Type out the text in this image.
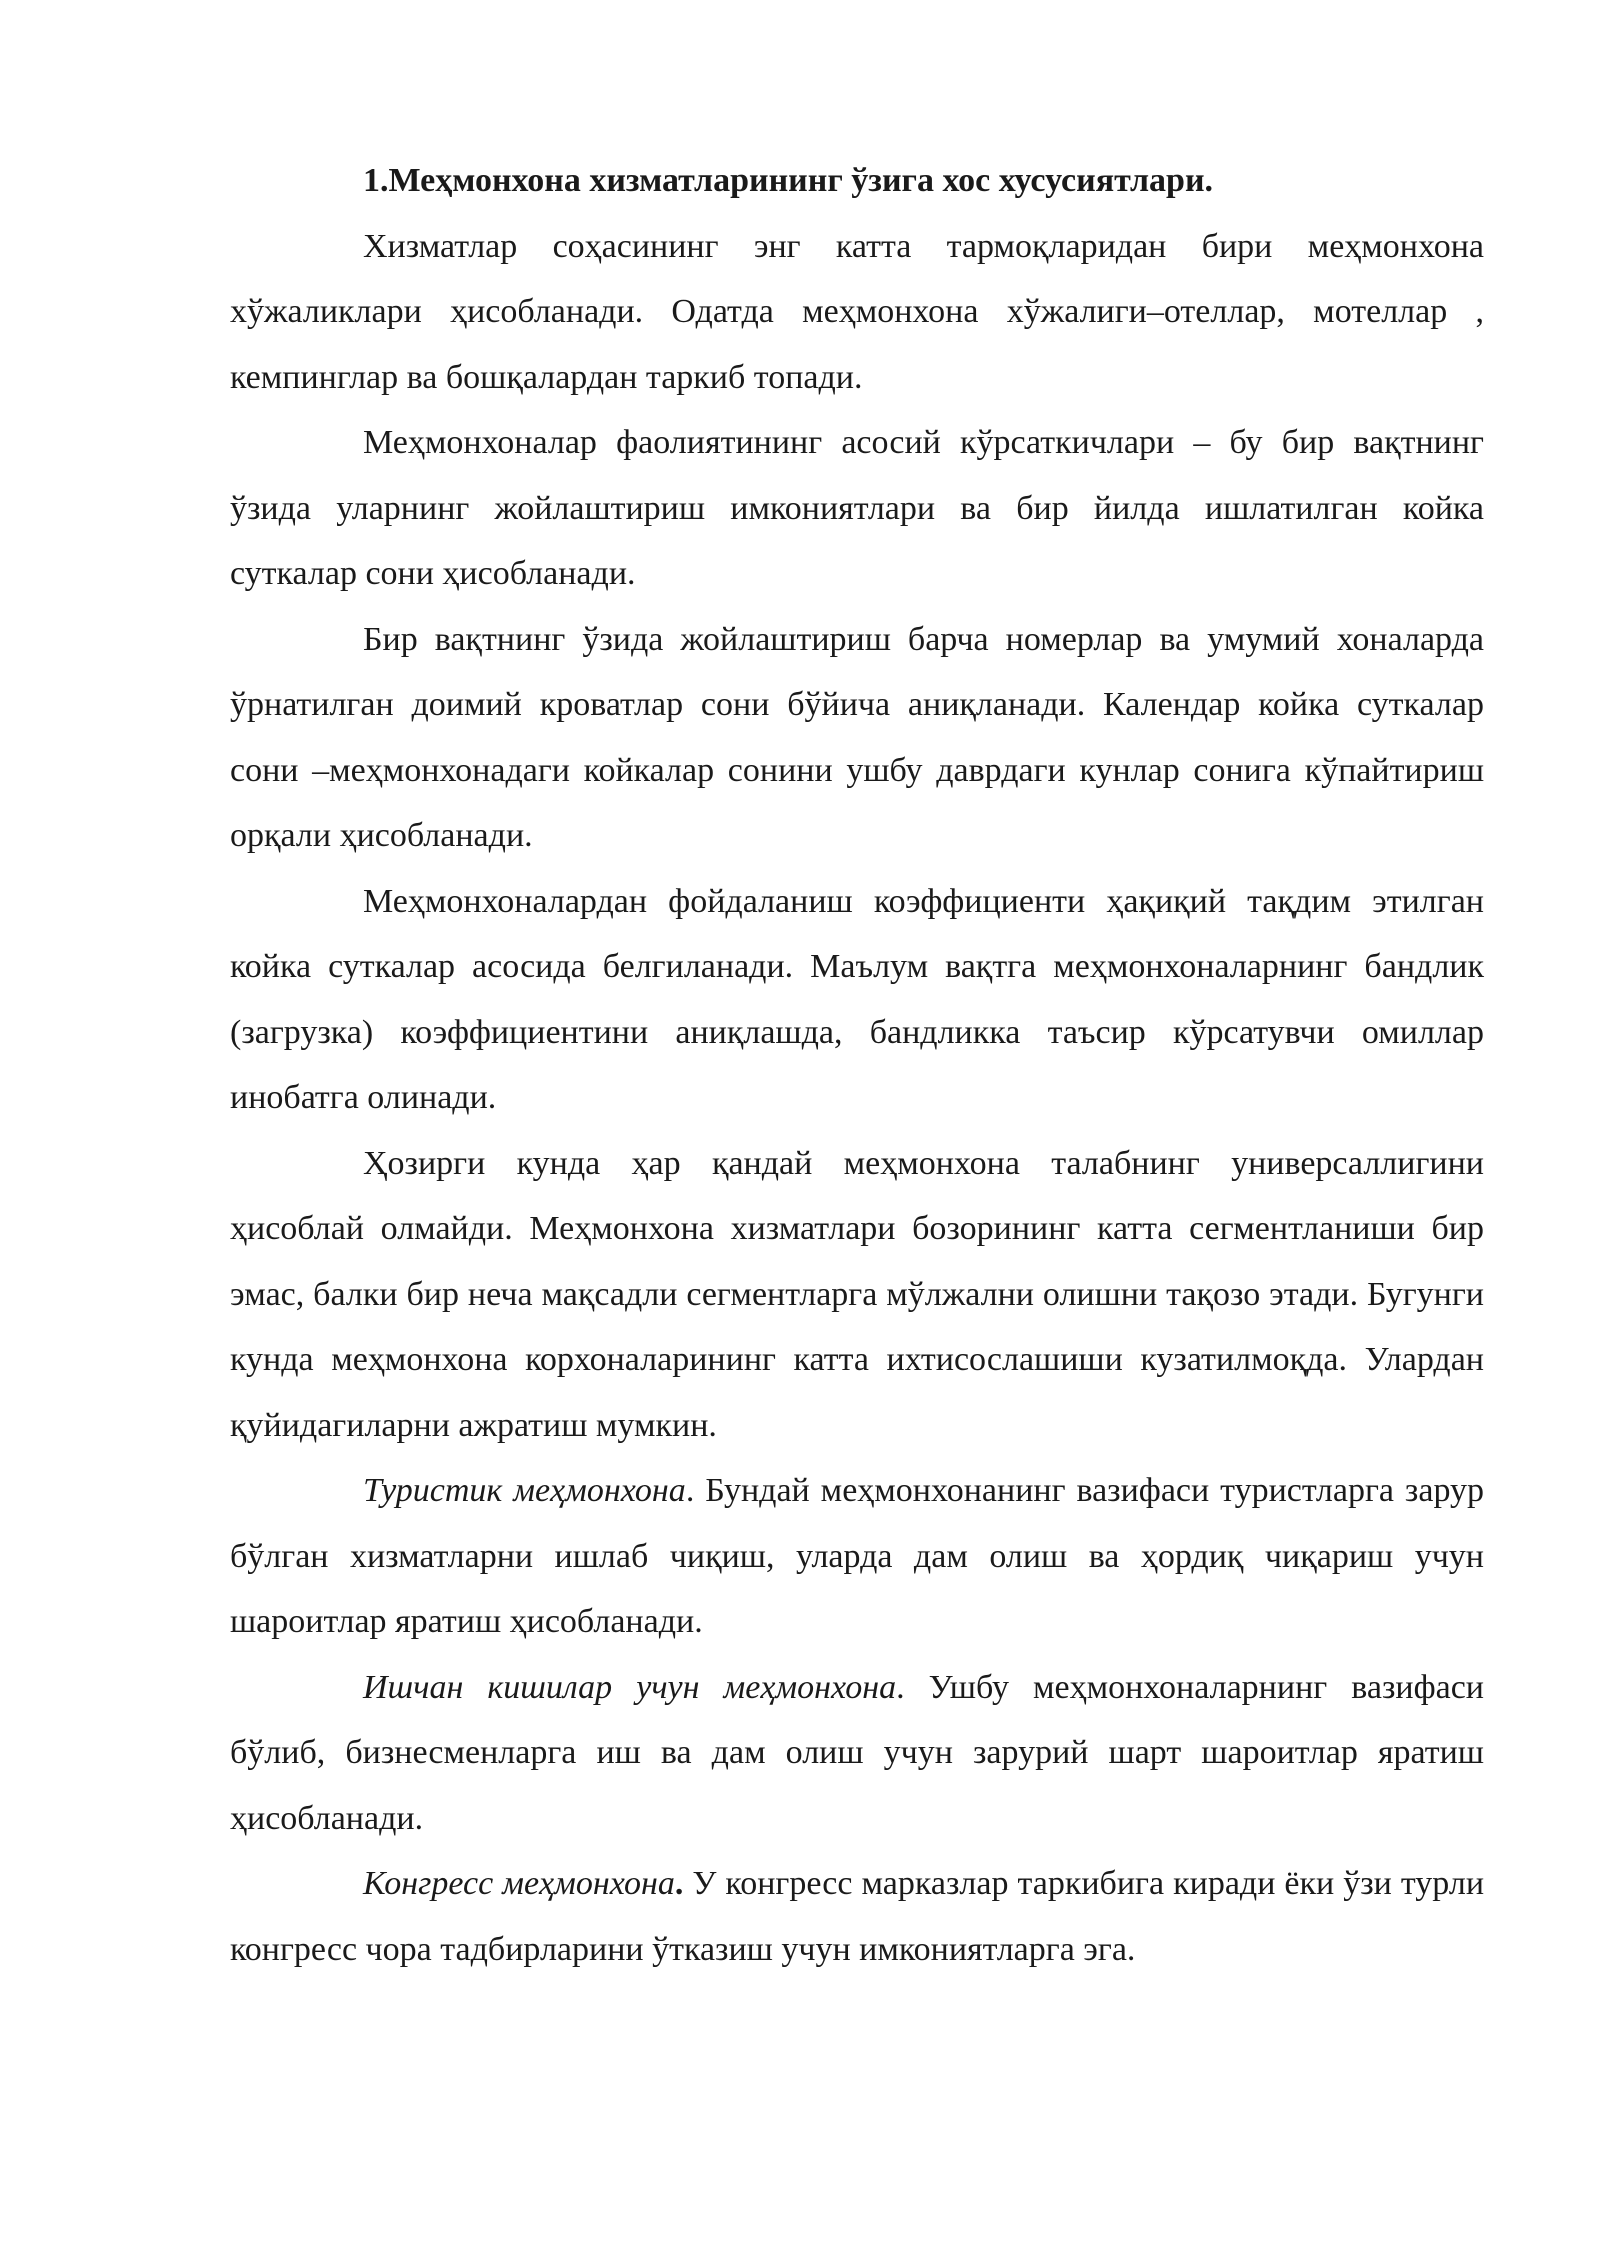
1.Меҳмонхона хизматларининг ўзига хос хусусиятлари.

Хизматлар соҳасининг энг катта тармоқларидан бири меҳмонхона хўжаликлари ҳисобланади. Одатда меҳмонхона хўжалиги–отеллар, мотеллар , кемпинглар ва бошқалардан таркиб топади.

Меҳмонхоналар фаолиятининг асосий кўрсаткичлари – бу бир вақтнинг ўзида уларнинг жойлаштириш имкониятлари ва бир йилда ишлатилган койка суткалар сони ҳисобланади.

Бир вақтнинг ўзида жойлаштириш барча номерлар ва умумий хоналарда ўрнатилган доимий кроватлар сони бўйича аниқланади. Календар койка суткалар сони –меҳмонхонадаги койкалар сонини ушбу даврдаги кунлар сонига кўпайтириш орқали ҳисобланади.

Меҳмонхоналардан фойдаланиш коэффициенти ҳақиқий тақдим этилган койка суткалар асосида белгиланади. Маълум вақтга меҳмонхоналарнинг бандлик (загрузка) коэффициентини аниқлашда, бандликка таъсир кўрсатувчи омиллар инобатга олинади.

Ҳозирги кунда ҳар қандай меҳмонхона талабнинг универсаллигини ҳисоблай олмайди. Меҳмонхона хизматлари бозорининг катта сегментланиши бир эмас, балки бир неча мақсадли сегментларга мўлжални олишни тақозо этади. Бугунги кунда меҳмонхона корхоналарининг катта ихтисослашиши кузатилмоқда. Улардан қуйидагиларни ажратиш мумкин.

Туристик меҳмонхона. Бундай меҳмонхонанинг вазифаси туристларга зарур бўлган хизматларни ишлаб чиқиш, уларда дам олиш ва ҳордиқ чиқариш учун шароитлар яратиш ҳисобланади.

Ишчан кишилар учун меҳмонхона. Ушбу меҳмонхоналарнинг вазифаси бўлиб, бизнесменларга иш ва дам олиш учун зарурий шарт шароитлар яратиш ҳисобланади.

Конгресс меҳмонхона. У конгресс марказлар таркибига киради ёки ўзи турли конгресс чора тадбирларини ўтказиш учун имкониятларга эга.
